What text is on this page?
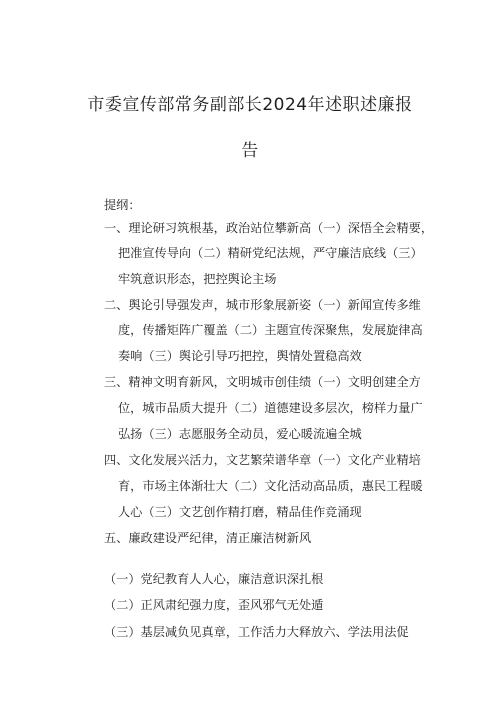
市委宣传部常务副部长2024年述职述廉报
告
提纲：
一、理论研习筑根基，政治站位攀新高（一）深悟全会精要，
把准宣传导向（二）精研党纪法规，严守廉洁底线（三）
牢筑意识形态，把控舆论主场
二、舆论引导强发声，城市形象展新姿（一）新闻宣传多维
度，传播矩阵广覆盖（二）主题宣传深聚焦，发展旋律高
奏响（三）舆论引导巧把控，舆情处置稳高效
三、精神文明育新风，文明城市创佳绩（一）文明创建全方
位，城市品质大提升（二）道德建设多层次，榜样力量广
弘扬（三）志愿服务全动员，爱心暖流遍全城
四、文化发展兴活力，文艺繁荣谱华章（一）文化产业精培
育，市场主体渐壮大（二）文化活动高品质，惠民工程暖
人心（三）文艺创作精打磨，精品佳作竞涌现
五、廉政建设严纪律，清正廉洁树新风
（一）党纪教育人人心，廉洁意识深扎根
（二）正风肃纪强力度，歪风邪气无处遁
（三）基层减负见真章，工作活力大释放六、学法用法促
